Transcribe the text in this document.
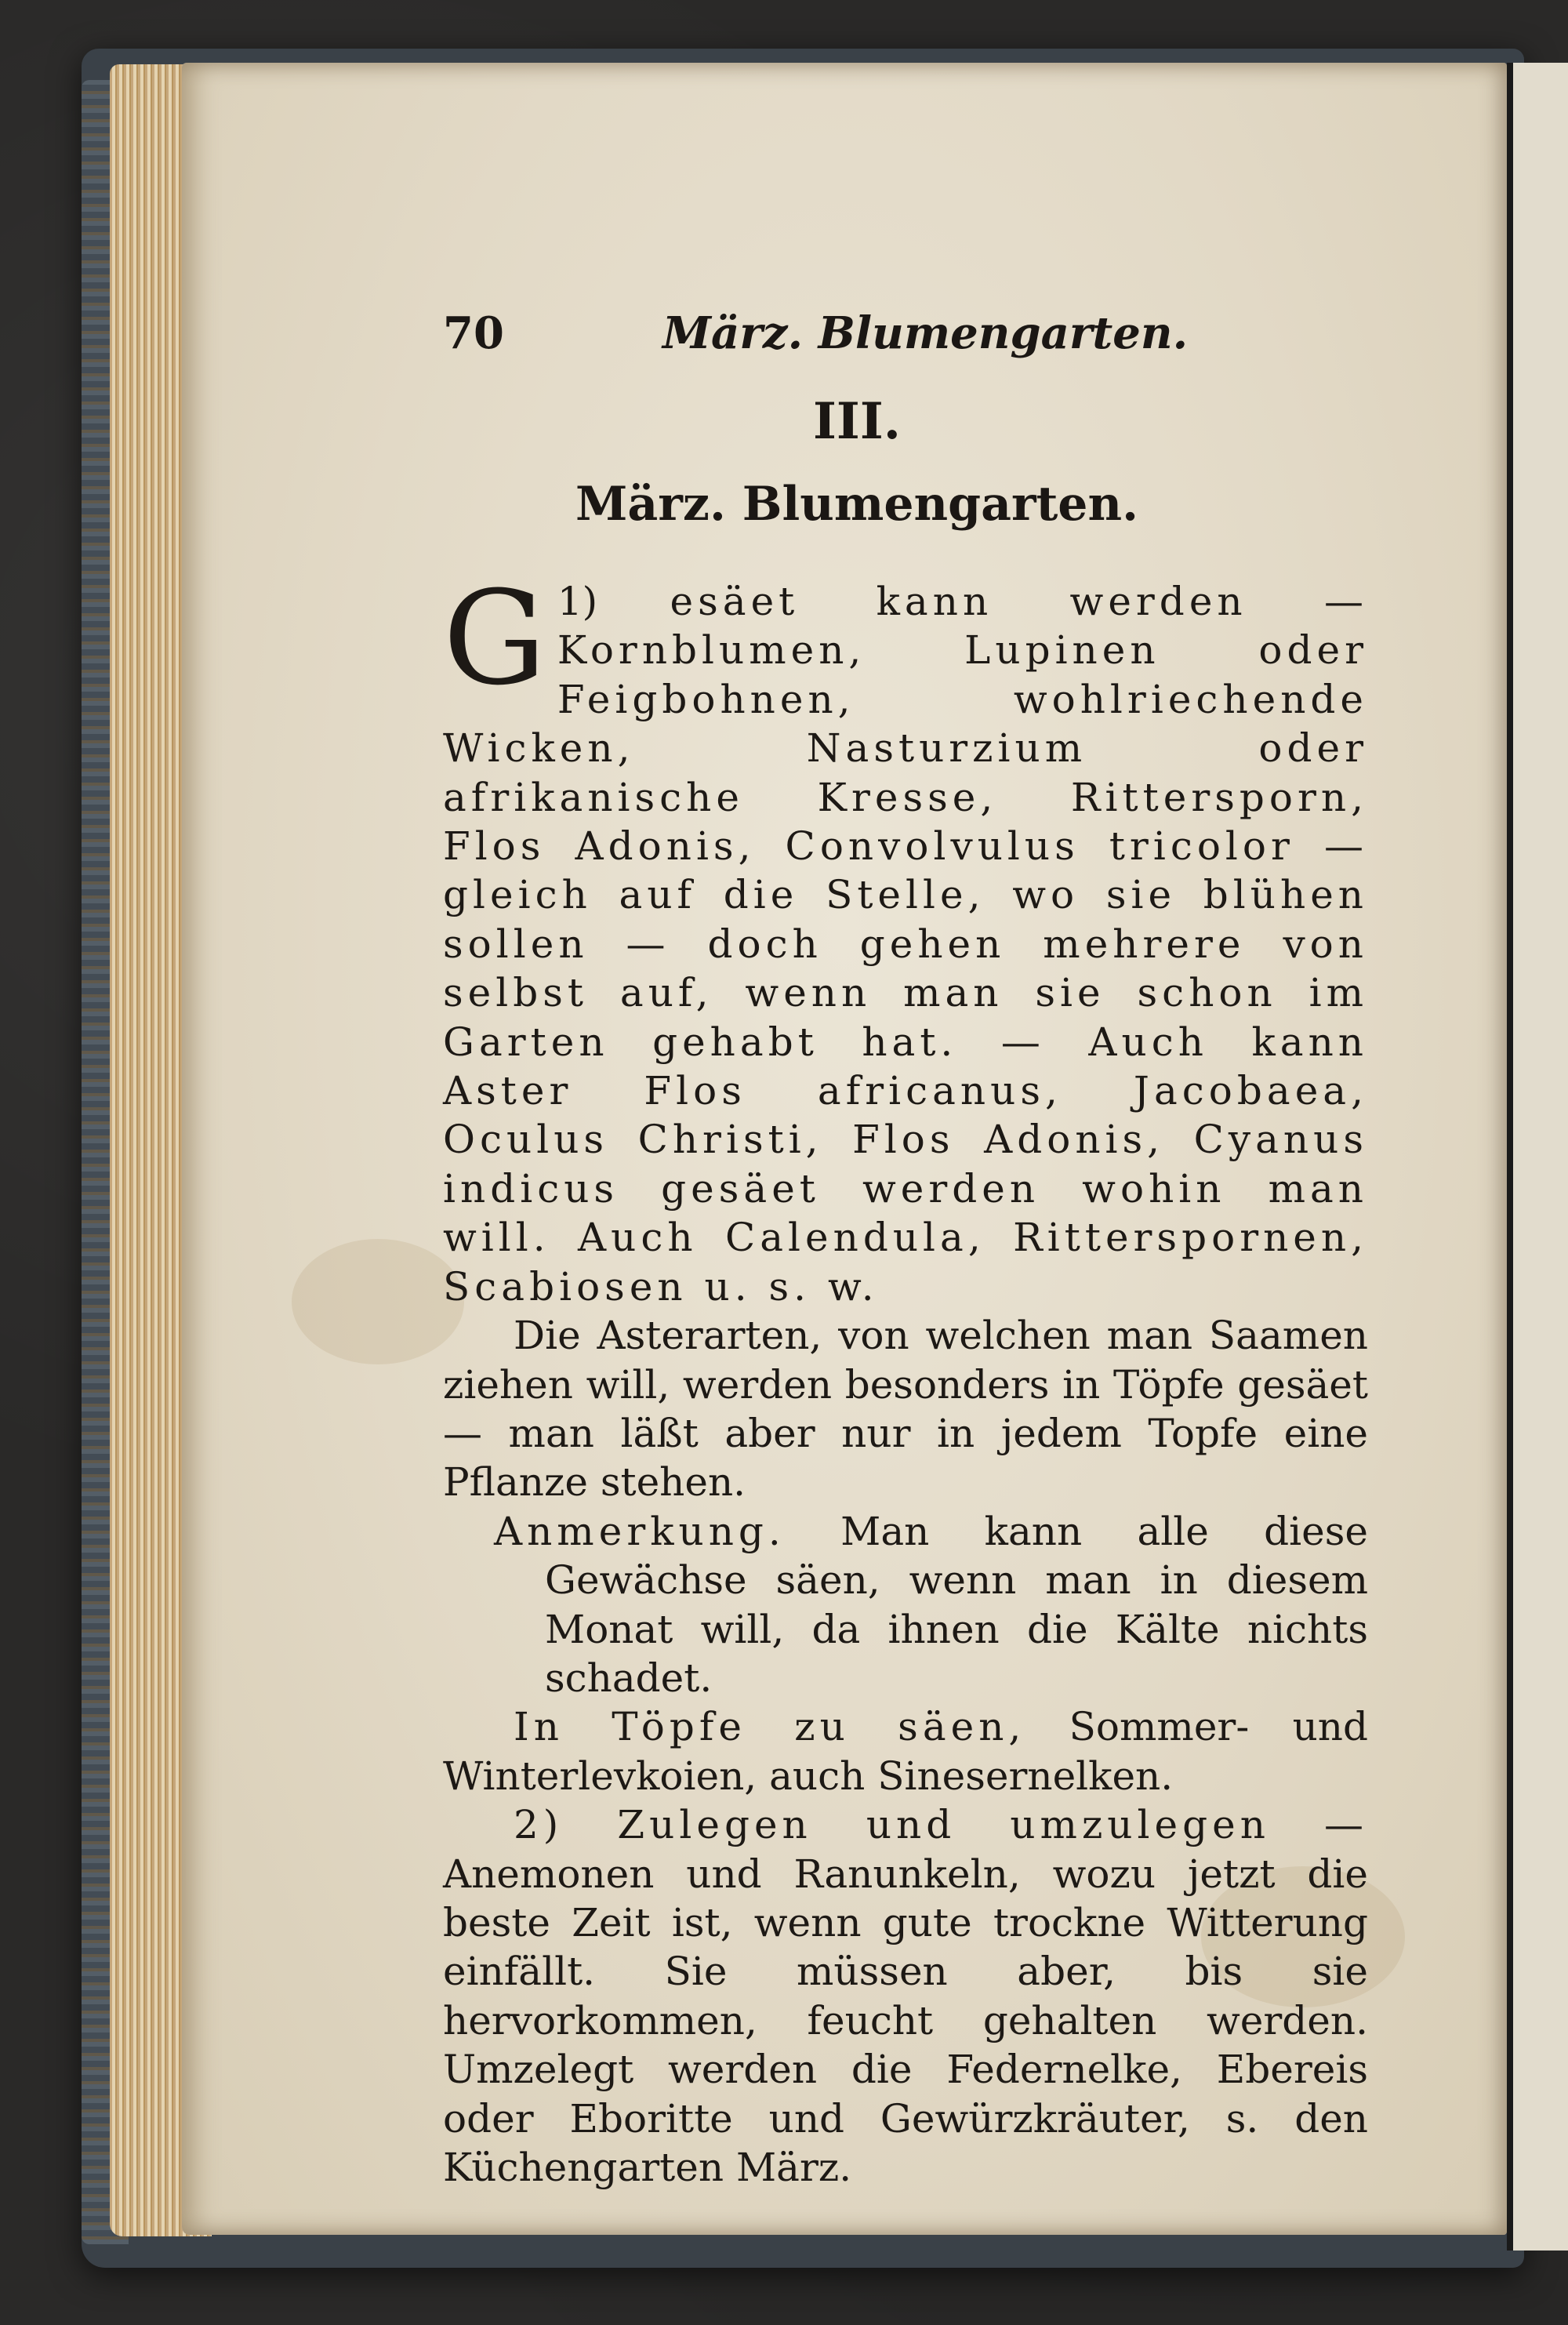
70	März. Blumengarten.
III.
März. Blumengarten.

1)
G	esäet kann werden — Kornblumen, Lupinen oder Feigbohnen, wohlriechende Wicken, Nasturzium oder afrikanische Kresse, Rittersporn, Flos Adonis, Convolvulus tricolor — gleich auf die Stelle, wo sie blühen sollen — doch gehen mehrere von selbst auf, wenn man sie schon im Garten gehabt hat. — Auch kann Aster Flos africanus, Jacobaea, Oculus Christi, Flos Adonis, Cyanus indicus gesäet werden wohin man will. Auch Calendula, Ritterspornen, Scabiosen u. s. w.

Die Asterarten, von welchen man Saamen ziehen will, werden besonders in Töpfe gesäet — man läßt aber nur in jedem Topfe eine Pflanze stehen.

Anmerkung. Man kann alle diese Gewächse säen, wenn man in diesem Monat will, da ihnen die Kälte nichts schadet.

In Töpfe zu säen, Sommer- und Winterlevkoien, auch Sinesernelken.

2) Zulegen und umzulegen — Anemonen und Ranunkeln, wozu jetzt die beste Zeit ist, wenn gute trockne Witterung einfällt. Sie müssen aber, bis sie hervorkommen, feucht gehalten werden. Umzelegt werden die Federnelke, Ebereis oder Eboritte und Gewürzkräuter, s. den Küchengarten März.
